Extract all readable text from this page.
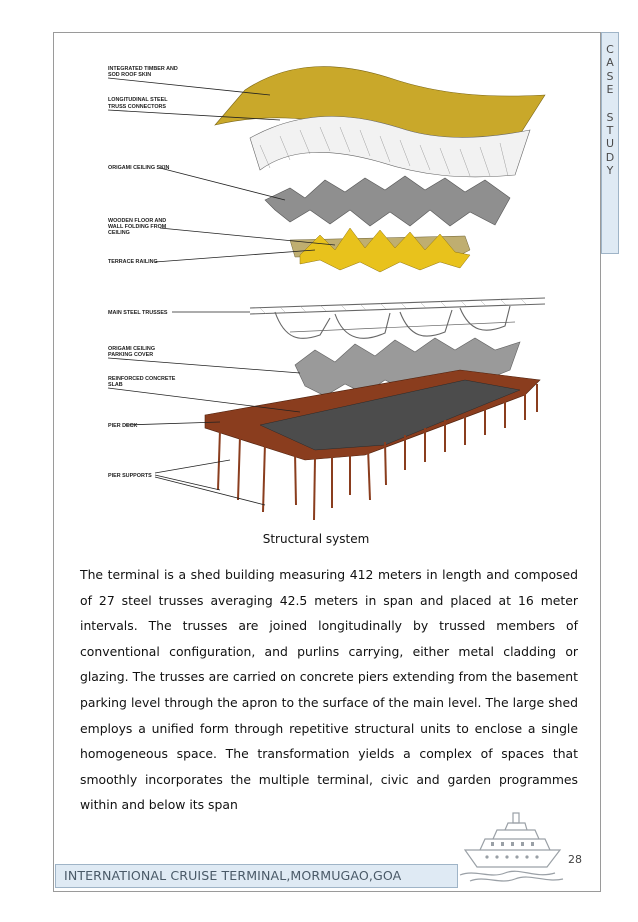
C
A
S
E
S
T
U
D
Y
INTEGRATED TIMBER AND
SOD ROOF SKIN
LONGITUDINAL STEEL
TRUSS CONNECTORS
ORIGAMI CEILING SKIN
WOODEN FLOOR AND
WALL FOLDING FROM
CEILING
TERRACE RAILING
MAIN STEEL TRUSSES
ORIGAMI CEILING
PARKING COVER
REINFORCED CONCRETE
SLAB
PIER DECK
PIER SUPPORTS
Structural system
The terminal is a shed building measuring 412 meters in length and composed of 27 steel trusses averaging 42.5 meters in span and placed at 16 meter intervals. The trusses are joined longitudinally by trussed members of conventional configuration, and purlins carrying, either metal cladding or glazing. The trusses are carried on concrete piers extending from the basement parking level through the apron to the surface of the main level. The large shed employs a unified form through repetitive structural units to enclose a single homogeneous space. The transformation yields a complex of spaces that smoothly incorporates the multiple terminal, civic and garden programmes within and below its span
28
INTERNATIONAL CRUISE TERMINAL,MORMUGAO,GOA
